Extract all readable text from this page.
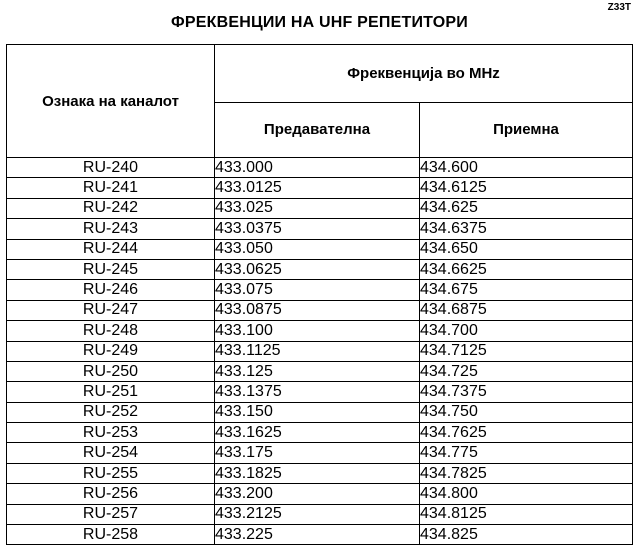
Z33T
ФРЕКВЕНЦИИ НА UHF РЕПЕТИТОРИ
Ознака на каналот	Фреквенција во MHz	
	Предавателна	Приемна
RU-240	433.000	434.600
RU-241	433.0125	434.6125
RU-242	433.025	434.625
RU-243	433.0375	434.6375
RU-244	433.050	434.650
RU-245	433.0625	434.6625
RU-246	433.075	434.675
RU-247	433.0875	434.6875
RU-248	433.100	434.700
RU-249	433.1125	434.7125
RU-250	433.125	434.725
RU-251	433.1375	434.7375
RU-252	433.150	434.750
RU-253	433.1625	434.7625
RU-254	433.175	434.775
RU-255	433.1825	434.7825
RU-256	433.200	434.800
RU-257	433.2125	434.8125
RU-258	433.225	434.825
